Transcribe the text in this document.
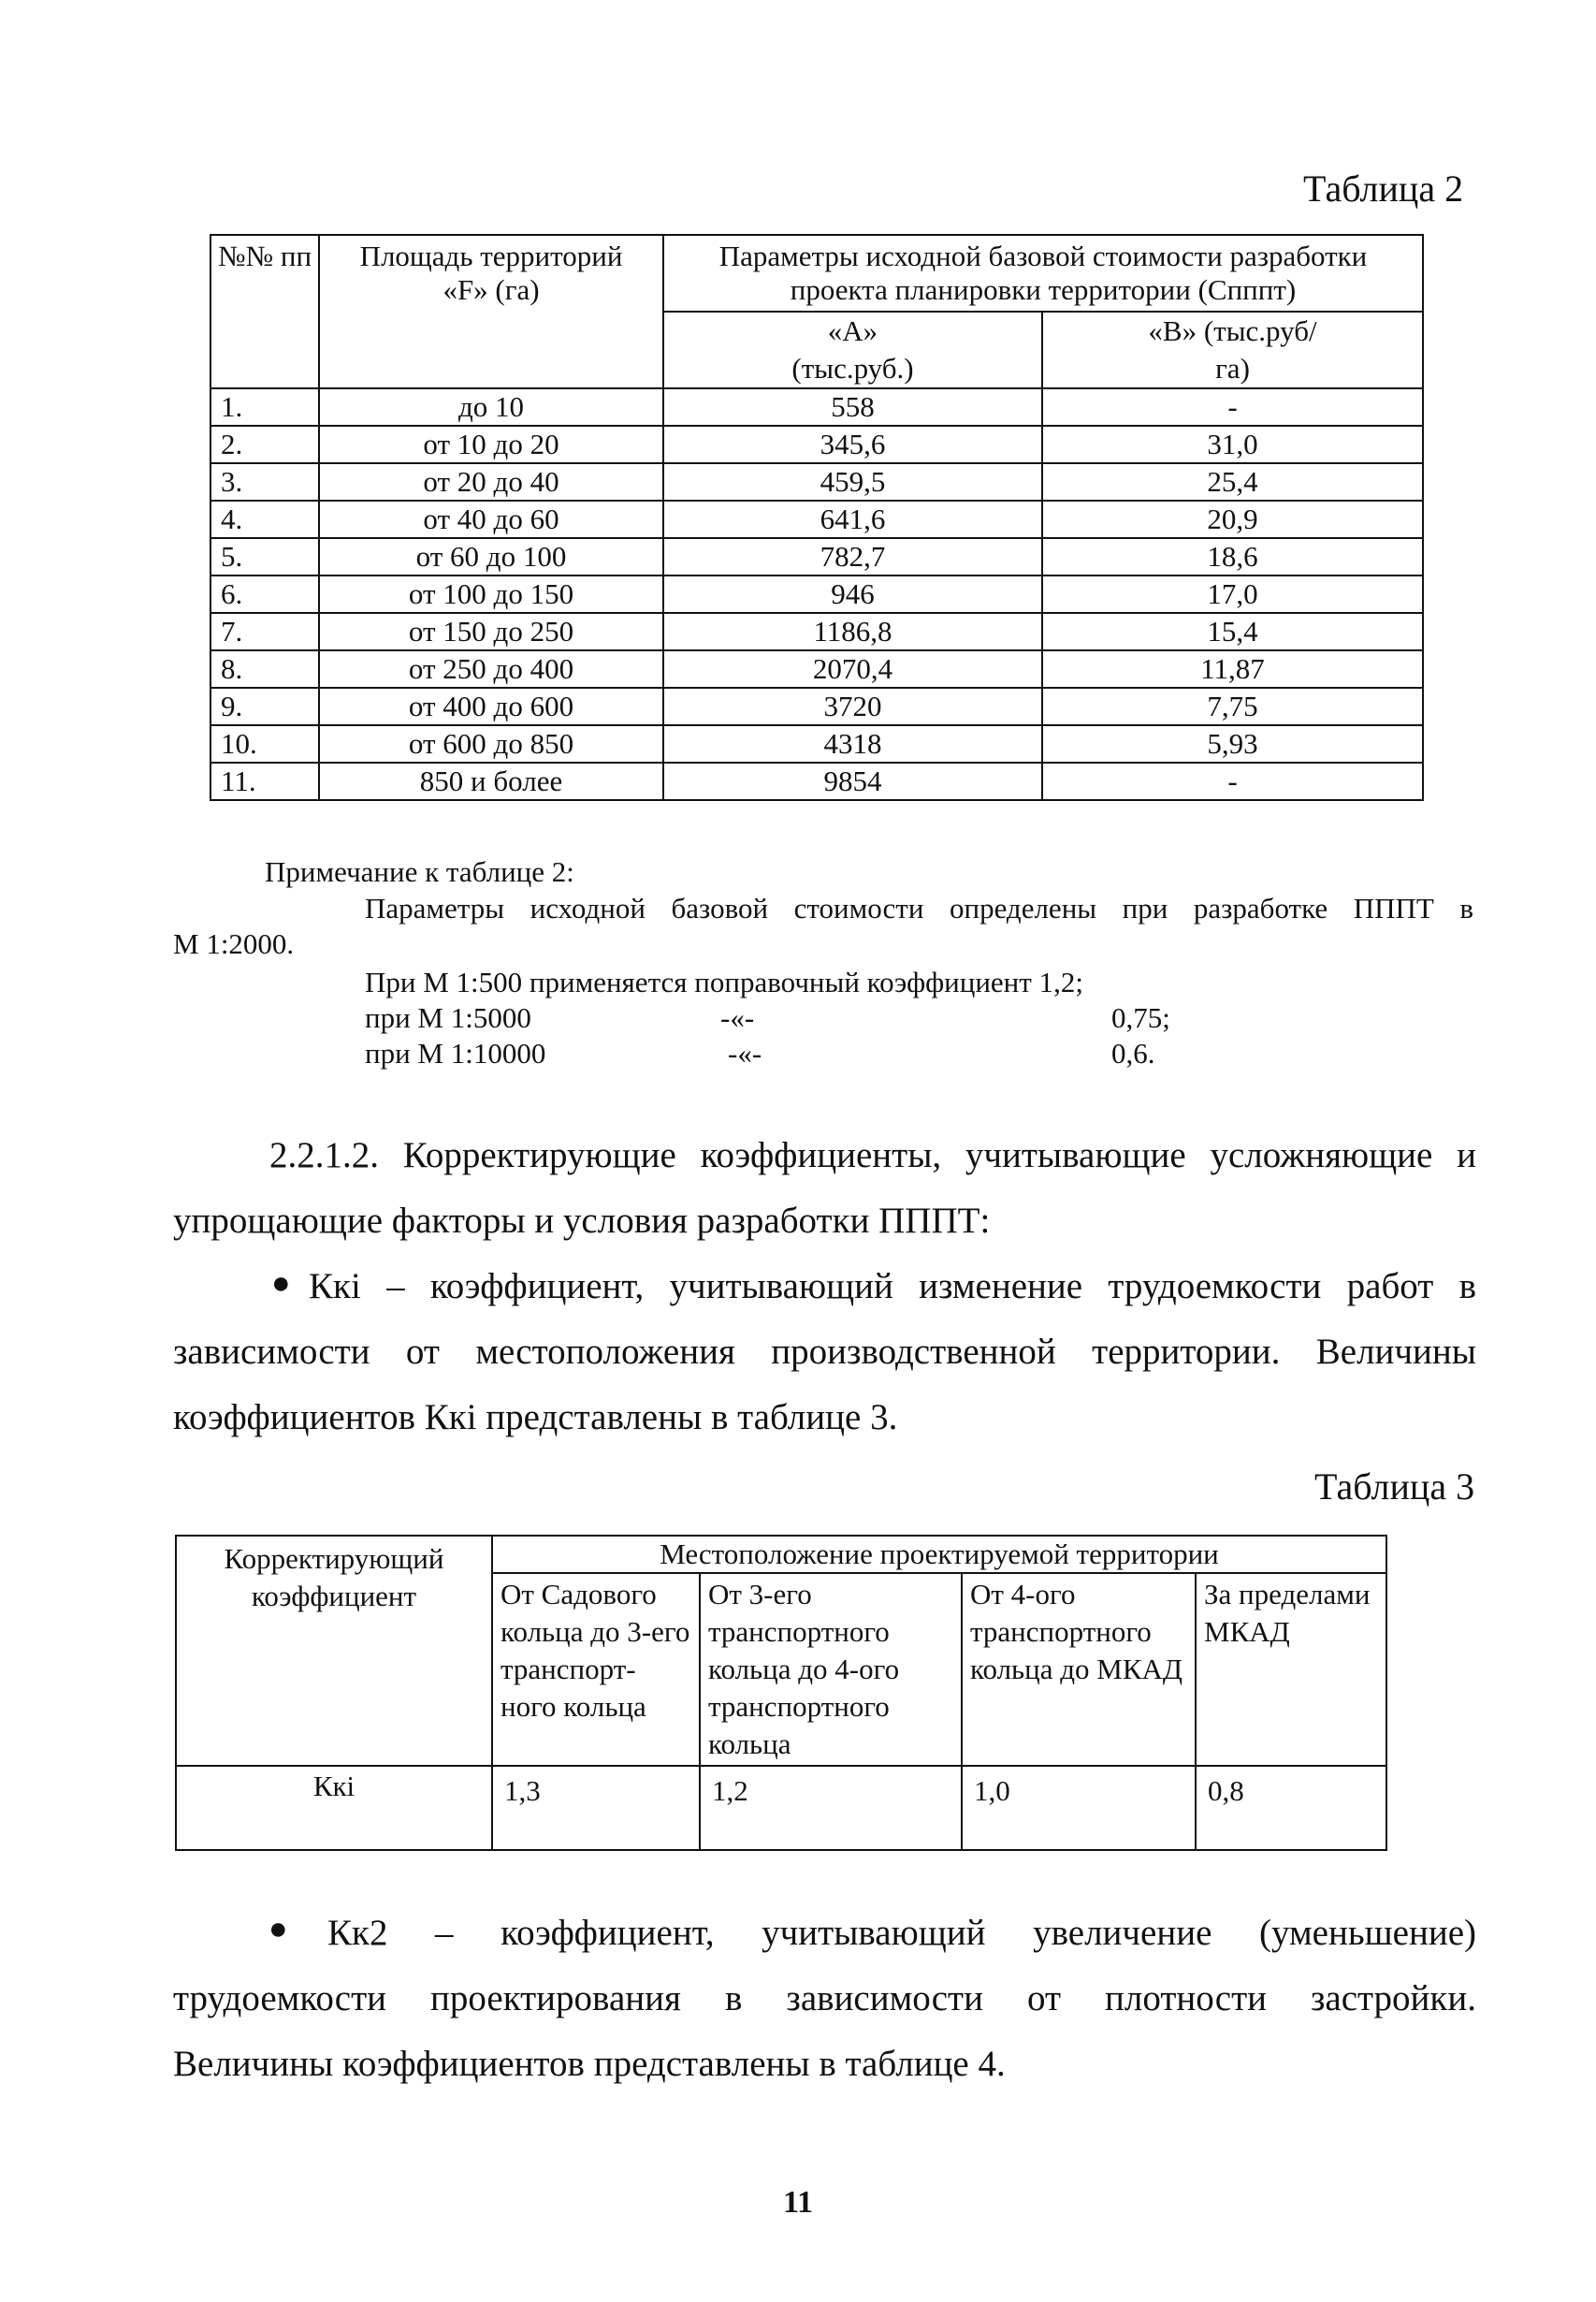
Таблица 2
№№ пп	Площадь территорий «F» (га)	Параметры исходной базовой стоимости разработки проекта планировки территории (Спппт)	
		«А» (тыс.руб.)	«В» (тыс.руб/га)
1.	до 10	558	-
2.	от 10 до 20	345,6	31,0
3.	от 20 до 40	459,5	25,4
4.	от 40 до 60	641,6	20,9
5.	от 60 до 100	782,7	18,6
6.	от 100 до 150	946	17,0
7.	от 150 до 250	1186,8	15,4
8.	от 250 до 400	2070,4	11,87
9.	от 400 до 600	3720	7,75
10.	от 600 до 850	4318	5,93
11.	850 и более	9854	-
Примечание к таблице 2:
Параметры исходной базовой стоимости определены при разработке ПППТ в
М 1:2000.
При М 1:500 применяется поправочный коэффициент 1,2;
при М 1:5000	-«-	0,75;
при М 1:10000	-«-	0,6.
2.2.1.2. Корректирующие коэффициенты, учитывающие усложняющие и
упрощающие факторы и условия разработки ПППТ:
● Ккі – коэффициент, учитывающий изменение трудоемкости работ в
зависимости от местоположения производственной территории. Величины
коэффициентов Ккі представлены в таблице 3.
Таблица 3
Корректирующий коэффициент	Местоположение проектируемой территории			
	От Садового кольца до 3-его транспорт-ного кольца	От 3-его транспортного кольца до 4-ого транспортного кольца	От 4-ого транспортного кольца до МКАД	За пределами МКАД
Ккі	1,3	1,2	1,0	0,8
● Кк2 – коэффициент, учитывающий увеличение (уменьшение)
трудоемкости проектирования в зависимости от плотности застройки.
Величины коэффициентов представлены в таблице 4.
11
